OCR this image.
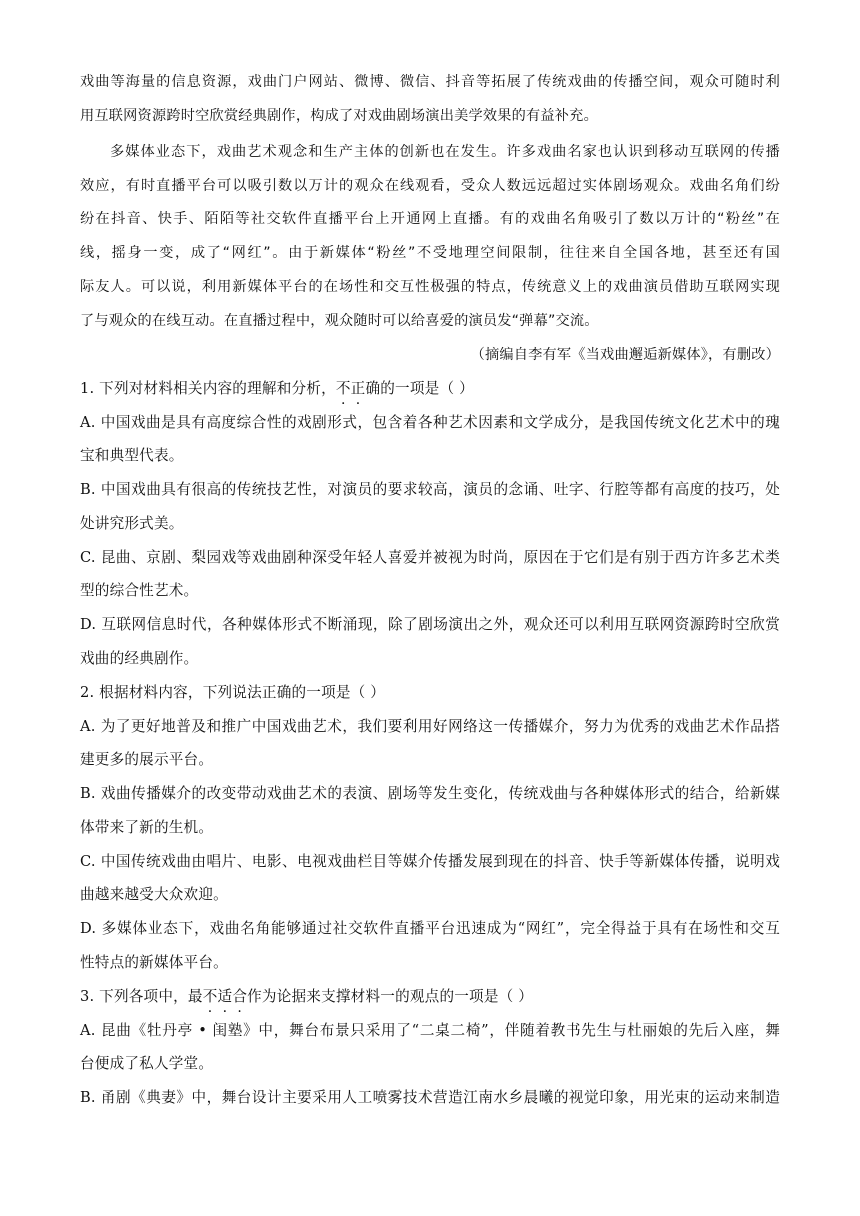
戏曲等海量的信息资源，戏曲门户网站、微博、微信、抖音等拓展了传统戏曲的传播空间，观众可随时利
用互联网资源跨时空欣赏经典剧作，构成了对戏曲剧场演出美学效果的有益补充。
多媒体业态下，戏曲艺术观念和生产主体的创新也在发生。许多戏曲名家也认识到移动互联网的传播
效应，有时直播平台可以吸引数以万计的观众在线观看，受众人数远远超过实体剧场观众。戏曲名角们纷
纷在抖音、快手、陌陌等社交软件直播平台上开通网上直播。有的戏曲名角吸引了数以万计的“粉丝”在
线，摇身一变，成了“网红”。由于新媒体“粉丝”不受地理空间限制，往往来自全国各地，甚至还有国
际友人。可以说，利用新媒体平台的在场性和交互性极强的特点，传统意义上的戏曲演员借助互联网实现
了与观众的在线互动。在直播过程中，观众随时可以给喜爱的演员发“弹幕”交流。
（摘编自李有军《当戏曲邂逅新媒体》，有删改）
1. 下列对材料相关内容的理解和分析，不正确的一项是（ ）
A. 中国戏曲是具有高度综合性的戏剧形式，包含着各种艺术因素和文学成分，是我国传统文化艺术中的瑰
宝和典型代表。
B. 中国戏曲具有很高的传统技艺性，对演员的要求较高，演员的念诵、吐字、行腔等都有高度的技巧，处
处讲究形式美。
C. 昆曲、京剧、梨园戏等戏曲剧种深受年轻人喜爱并被视为时尚，原因在于它们是有别于西方许多艺术类
型的综合性艺术。
D. 互联网信息时代，各种媒体形式不断涌现，除了剧场演出之外，观众还可以利用互联网资源跨时空欣赏
戏曲的经典剧作。
2. 根据材料内容，下列说法正确的一项是（ ）
A. 为了更好地普及和推广中国戏曲艺术，我们要利用好网络这一传播媒介，努力为优秀的戏曲艺术作品搭
建更多的展示平台。
B. 戏曲传播媒介的改变带动戏曲艺术的表演、剧场等发生变化，传统戏曲与各种媒体形式的结合，给新媒
体带来了新的生机。
C. 中国传统戏曲由唱片、电影、电视戏曲栏目等媒介传播发展到现在的抖音、快手等新媒体传播，说明戏
曲越来越受大众欢迎。
D. 多媒体业态下，戏曲名角能够通过社交软件直播平台迅速成为“网红”，完全得益于具有在场性和交互
性特点的新媒体平台。
3. 下列各项中，最不适合作为论据来支撑材料一的观点的一项是（ ）
A. 昆曲《牡丹亭 • 闺塾》中，舞台布景只采用了“二桌二椅”，伴随着教书先生与杜丽娘的先后入座，舞
台便成了私人学堂。
B. 甬剧《典妻》中，舞台设计主要采用人工喷雾技术营造江南水乡晨曦的视觉印象，用光束的运动来制造
